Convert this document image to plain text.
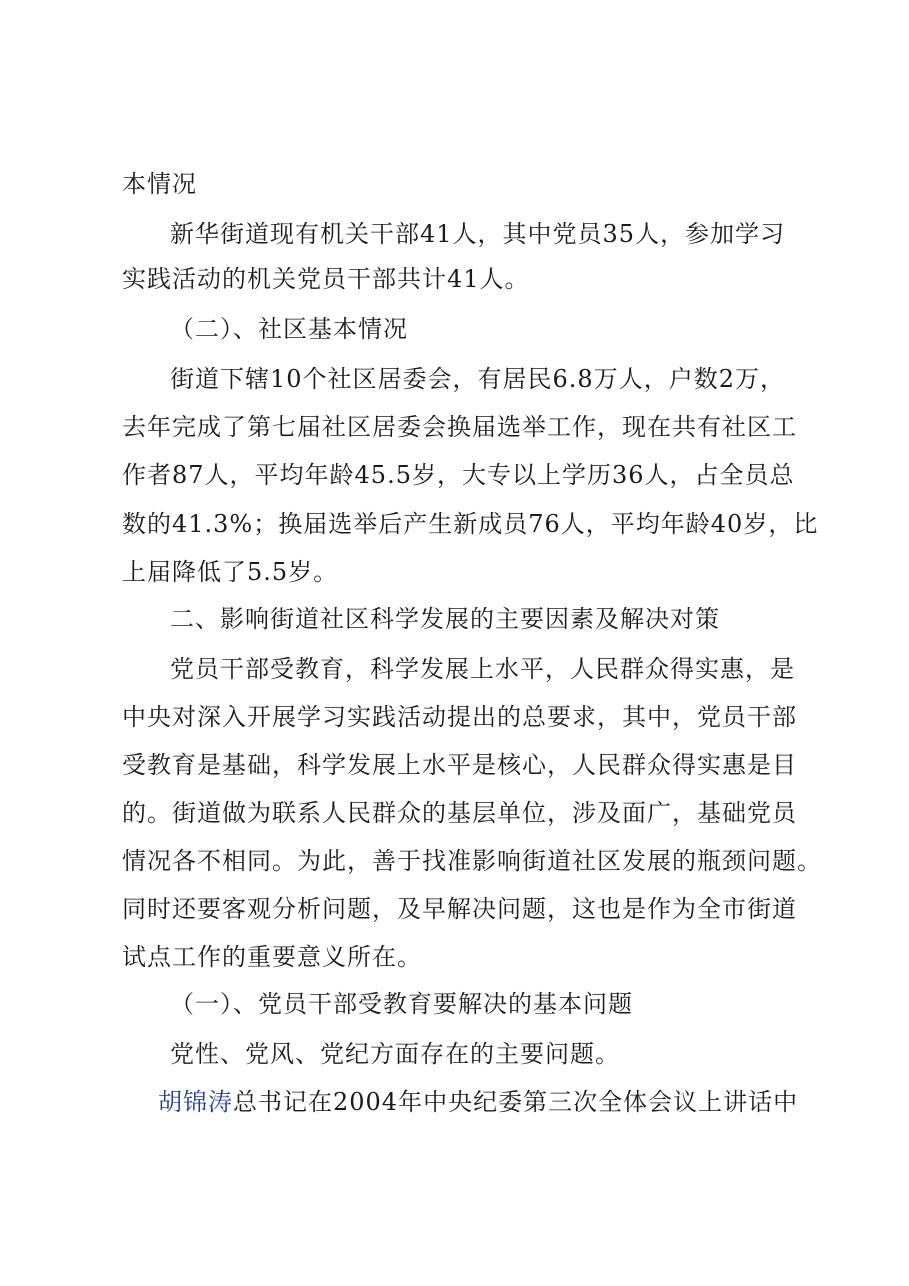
本情况
新华街道现有机关干部41人，其中党员35人，参加学习
实践活动的机关党员干部共计41人。
（二）、社区基本情况
街道下辖10个社区居委会，有居民6.8万人，户数2万，
去年完成了第七届社区居委会换届选举工作，现在共有社区工
作者87人，平均年龄45.5岁，大专以上学历36人，占全员总
数的41.3%；换届选举后产生新成员76人，平均年龄40岁，比
上届降低了5.5岁。
二、影响街道社区科学发展的主要因素及解决对策
党员干部受教育，科学发展上水平，人民群众得实惠，是
中央对深入开展学习实践活动提出的总要求，其中，党员干部
受教育是基础，科学发展上水平是核心，人民群众得实惠是目
的。街道做为联系人民群众的基层单位，涉及面广，基础党员
情况各不相同。为此，善于找准影响街道社区发展的瓶颈问题。
同时还要客观分析问题，及早解决问题，这也是作为全市街道
试点工作的重要意义所在。
（一）、党员干部受教育要解决的基本问题
党性、党风、党纪方面存在的主要问题。
胡锦涛总书记在2004年中央纪委第三次全体会议上讲话中
